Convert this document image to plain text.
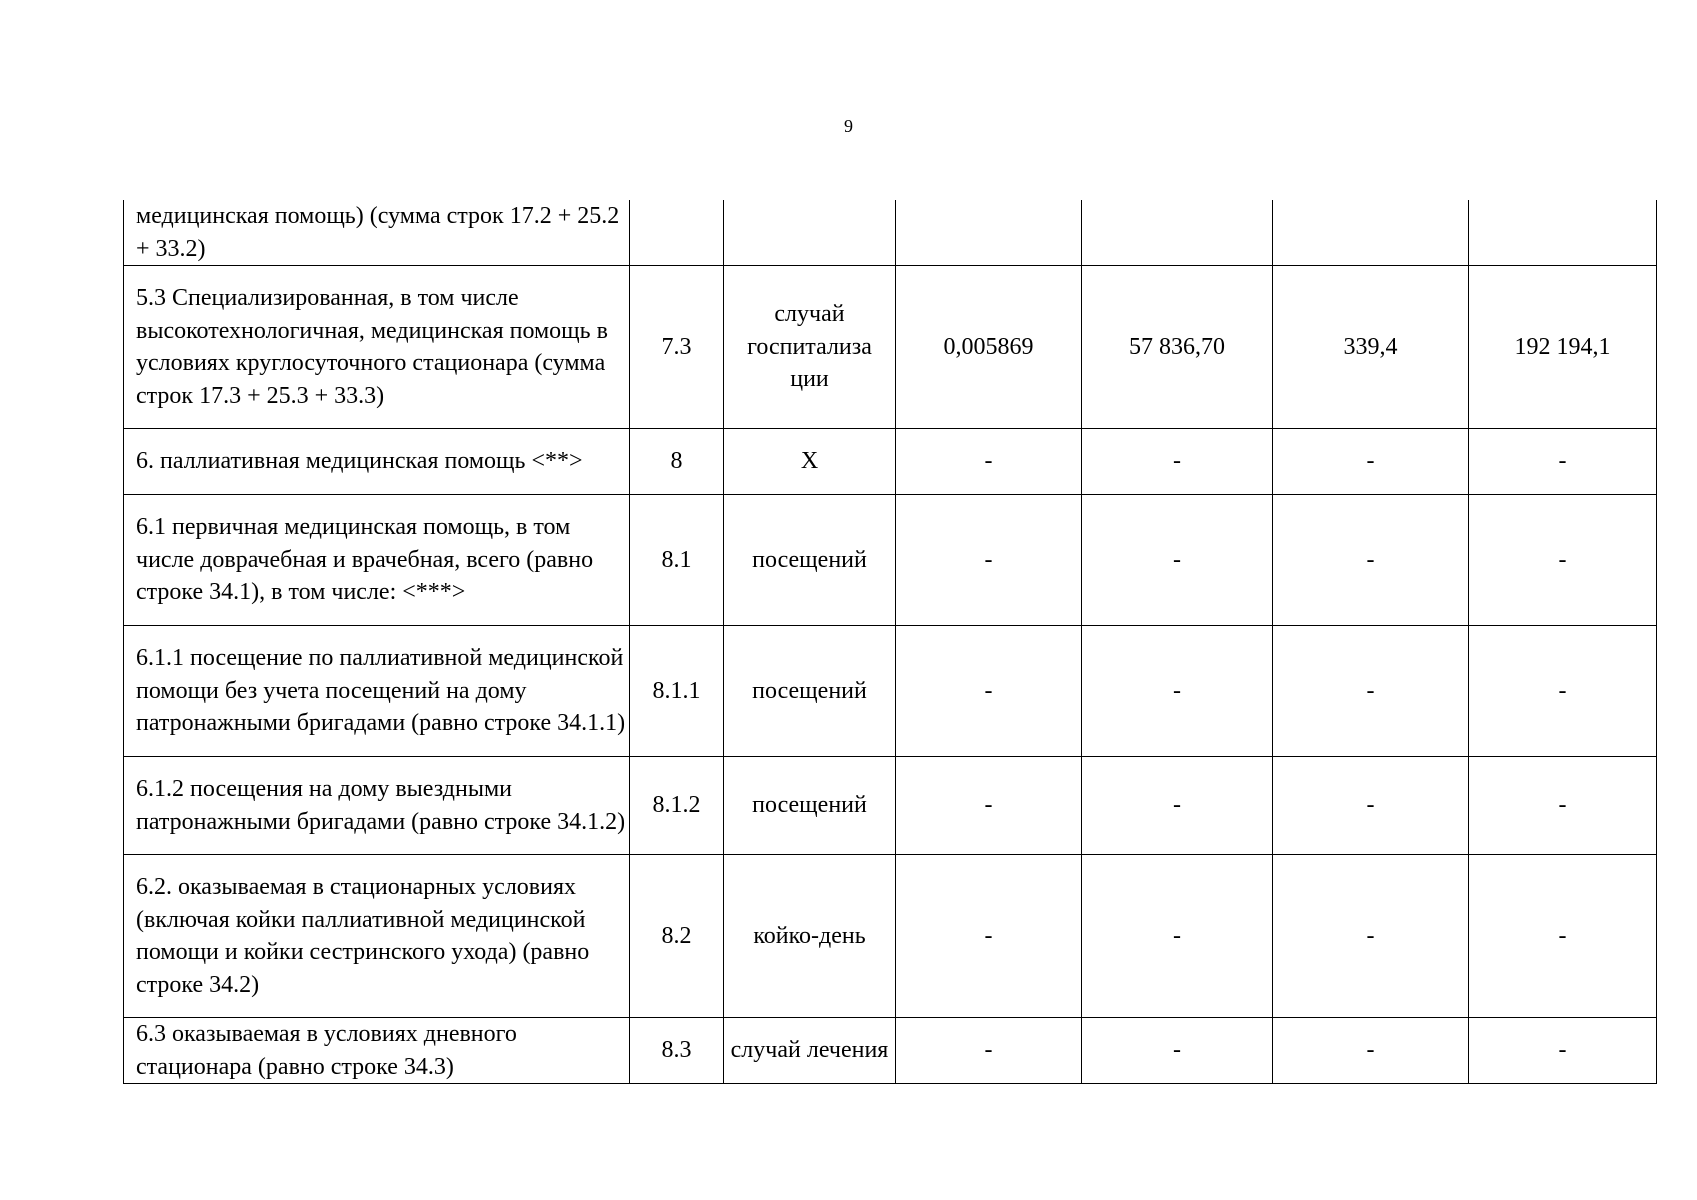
9
медицинская помощь) (сумма строк 17.2 + 25.2 + 33.2)						
5.3 Специализированная, в том числе высокотехнологичная, медицинская помощь в условиях круглосуточного стационара (сумма строк 17.3 + 25.3 + 33.3)	7.3	случай госпитализа ции	0,005869	57 836,70	339,4	192 194,1
6. паллиативная медицинская помощь <**>	8	X	-	-	-	-
6.1 первичная медицинская помощь, в том числе доврачебная и врачебная, всего (равно строке 34.1), в том числе: <***>	8.1	посещений	-	-	-	-
6.1.1 посещение по паллиативной медицинской помощи без учета посещений на дому патронажными бригадами (равно строке 34.1.1)	8.1.1	посещений	-	-	-	-
6.1.2 посещения на дому выездными патронажными бригадами (равно строке 34.1.2)	8.1.2	посещений	-	-	-	-
6.2. оказываемая в стационарных условиях (включая койки паллиативной медицинской помощи и койки сестринского ухода) (равно строке 34.2)	8.2	койко-день	-	-	-	-
6.3 оказываемая в условиях дневного стационара (равно строке 34.3)	8.3	случай лечения	-	-	-	-
